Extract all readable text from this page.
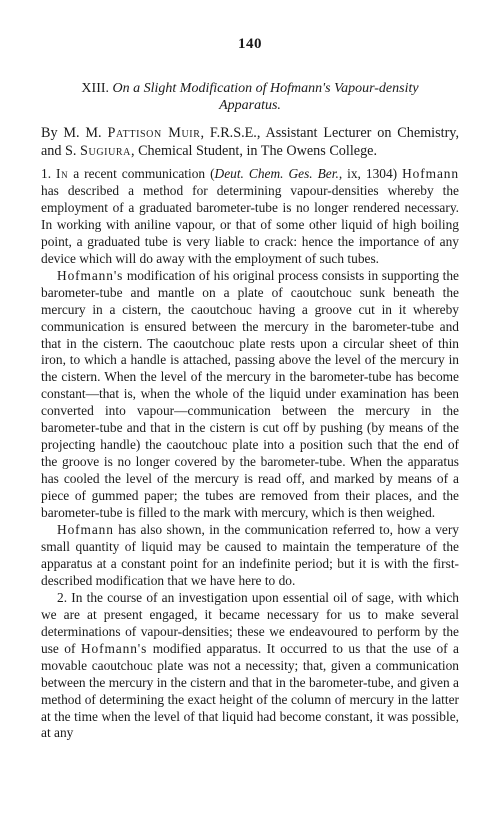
140
XIII. On a Slight Modification of Hofmann's Vapour-density Apparatus.
By M. M. Pattison Muir, F.R.S.E., Assistant Lecturer on Chemistry, and S. Sugiura, Chemical Student, in The Owens College.

1. In a recent communication (Deut. Chem. Ges. Ber., ix, 1304) Hofmann has described a method for determining vapour-densities whereby the employment of a graduated barometer-tube is no longer rendered necessary. In working with aniline vapour, or that of some other liquid of high boiling point, a graduated tube is very liable to crack: hence the importance of any device which will do away with the employment of such tubes.

Hofmann's modification of his original process consists in supporting the barometer-tube and mantle on a plate of caoutchouc sunk beneath the mercury in a cistern, the caoutchouc having a groove cut in it whereby communication is ensured between the mercury in the barometer-tube and that in the cistern. The caoutchouc plate rests upon a circular sheet of thin iron, to which a handle is attached, passing above the level of the mercury in the cistern. When the level of the mercury in the barometer-tube has become constant—that is, when the whole of the liquid under examination has been converted into vapour—communication between the mercury in the barometer-tube and that in the cistern is cut off by pushing (by means of the projecting handle) the caoutchouc plate into a position such that the end of the groove is no longer covered by the barometer-tube. When the apparatus has cooled the level of the mercury is read off, and marked by means of a piece of gummed paper; the tubes are removed from their places, and the barometer-tube is filled to the mark with mercury, which is then weighed.

Hofmann has also shown, in the communication referred to, how a very small quantity of liquid may be caused to maintain the temperature of the apparatus at a constant point for an indefinite period; but it is with the first-described modification that we have here to do.

2. In the course of an investigation upon essential oil of sage, with which we are at present engaged, it became necessary for us to make several determinations of vapour-densities; these we endeavoured to perform by the use of Hofmann's modified apparatus. It occurred to us that the use of a movable caoutchouc plate was not a necessity; that, given a communication between the mercury in the cistern and that in the barometer-tube, and given a method of determining the exact height of the column of mercury in the latter at the time when the level of that liquid had become constant, it was possible, at any
